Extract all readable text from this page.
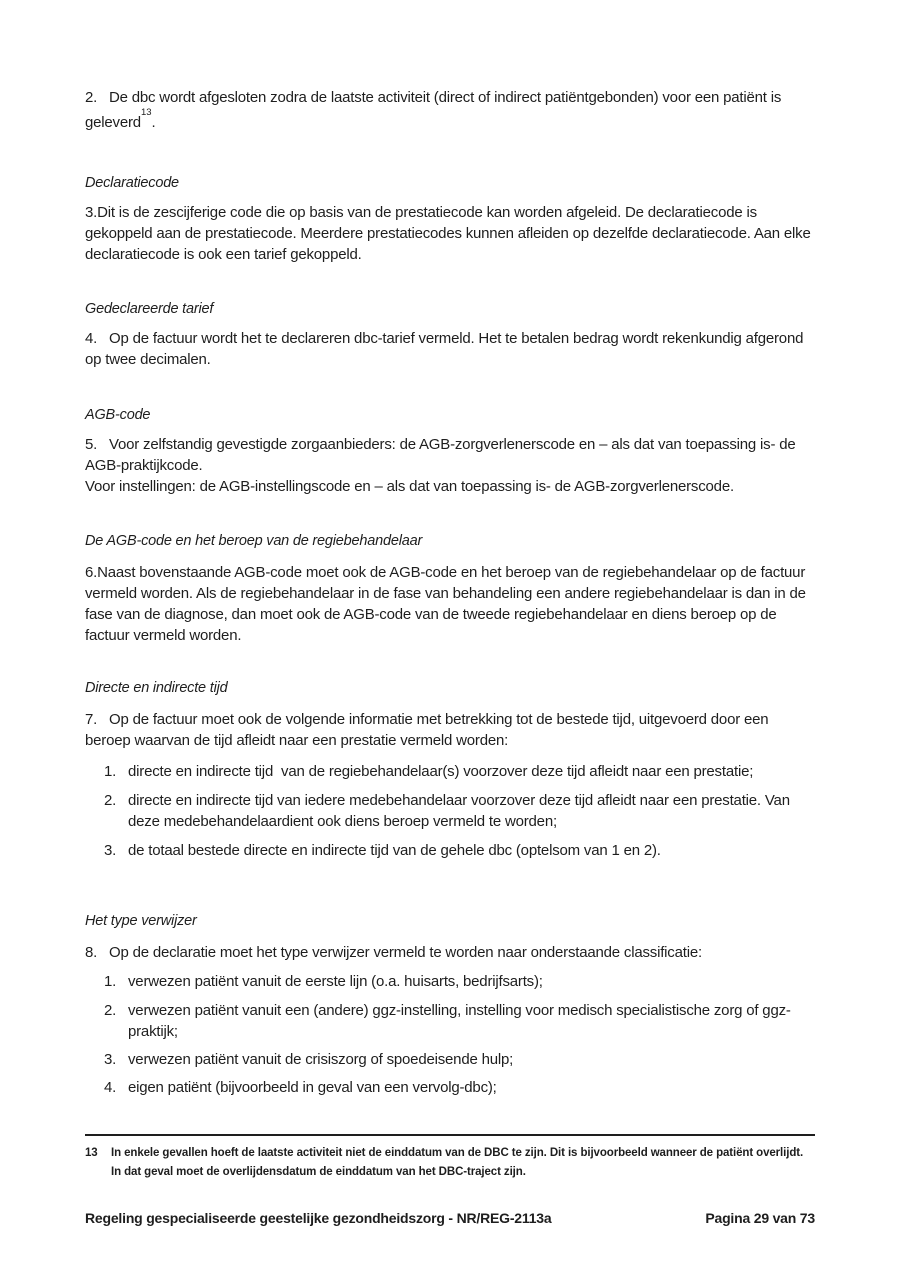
2.   De dbc wordt afgesloten zodra de laatste activiteit (direct of indirect patiëntgebonden) voor een patiënt is geleverd$^{13}$.

Declaratiecode

3.Dit is de zescijferige code die op basis van de prestatiecode kan worden afgeleid. De declaratiecode is gekoppeld aan de prestatiecode. Meerdere prestatiecodes kunnen afleiden op dezelfde declaratiecode. Aan elke declaratiecode is ook een tarief gekoppeld.

Gedeclareerde tarief

4.   Op de factuur wordt het te declareren dbc-tarief vermeld. Het te betalen bedrag wordt rekenkundig afgerond op twee decimalen.

AGB-code

5.   Voor zelfstandig gevestigde zorgaanbieders: de AGB-zorgverlenerscode en – als dat van toepassing is- de AGB-praktijkcode.
Voor instellingen: de AGB-instellingscode en – als dat van toepassing is- de AGB-zorgverlenerscode.

De AGB-code en het beroep van de regiebehandelaar

6.Naast bovenstaande AGB-code moet ook de AGB-code en het beroep van de regiebehandelaar op de factuur vermeld worden. Als de regiebehandelaar in de fase van behandeling een andere regiebehandelaar is dan in de fase van de diagnose, dan moet ook de AGB-code van de tweede regiebehandelaar en diens beroep op de factuur vermeld worden.

Directe en indirecte tijd

7.   Op de factuur moet ook de volgende informatie met betrekking tot de bestede tijd, uitgevoerd door een beroep waarvan de tijd afleidt naar een prestatie vermeld worden:

1. directe en indirecte tijd  van de regiebehandelaar(s) voorzover deze tijd afleidt naar een prestatie;
2. directe en indirecte tijd van iedere medebehandelaar voorzover deze tijd afleidt naar een prestatie. Van deze medebehandelaardient ook diens beroep vermeld te worden;
3. de totaal bestede directe en indirecte tijd van de gehele dbc (optelsom van 1 en 2).
Het type verwijzer

8.   Op de declaratie moet het type verwijzer vermeld te worden naar onderstaande classificatie:

1. verwezen patiënt vanuit de eerste lijn (o.a. huisarts, bedrijfsarts);
2. verwezen patiënt vanuit een (andere) ggz-instelling, instelling voor medisch specialistische zorg of ggz-praktijk;
3. verwezen patiënt vanuit de crisiszorg of spoedeisende hulp;
4. eigen patiënt (bijvoorbeeld in geval van een vervolg-dbc);
13	In enkele gevallen hoeft de laatste activiteit niet de einddatum van de DBC te zijn. Dit is bijvoorbeeld wanneer de patiënt overlijdt. In dat geval moet de overlijdensdatum de einddatum van het DBC-traject zijn.
Regeling gespecialiseerde geestelijke gezondheidszorg - NR/REG-2113a	Pagina 29 van 73
